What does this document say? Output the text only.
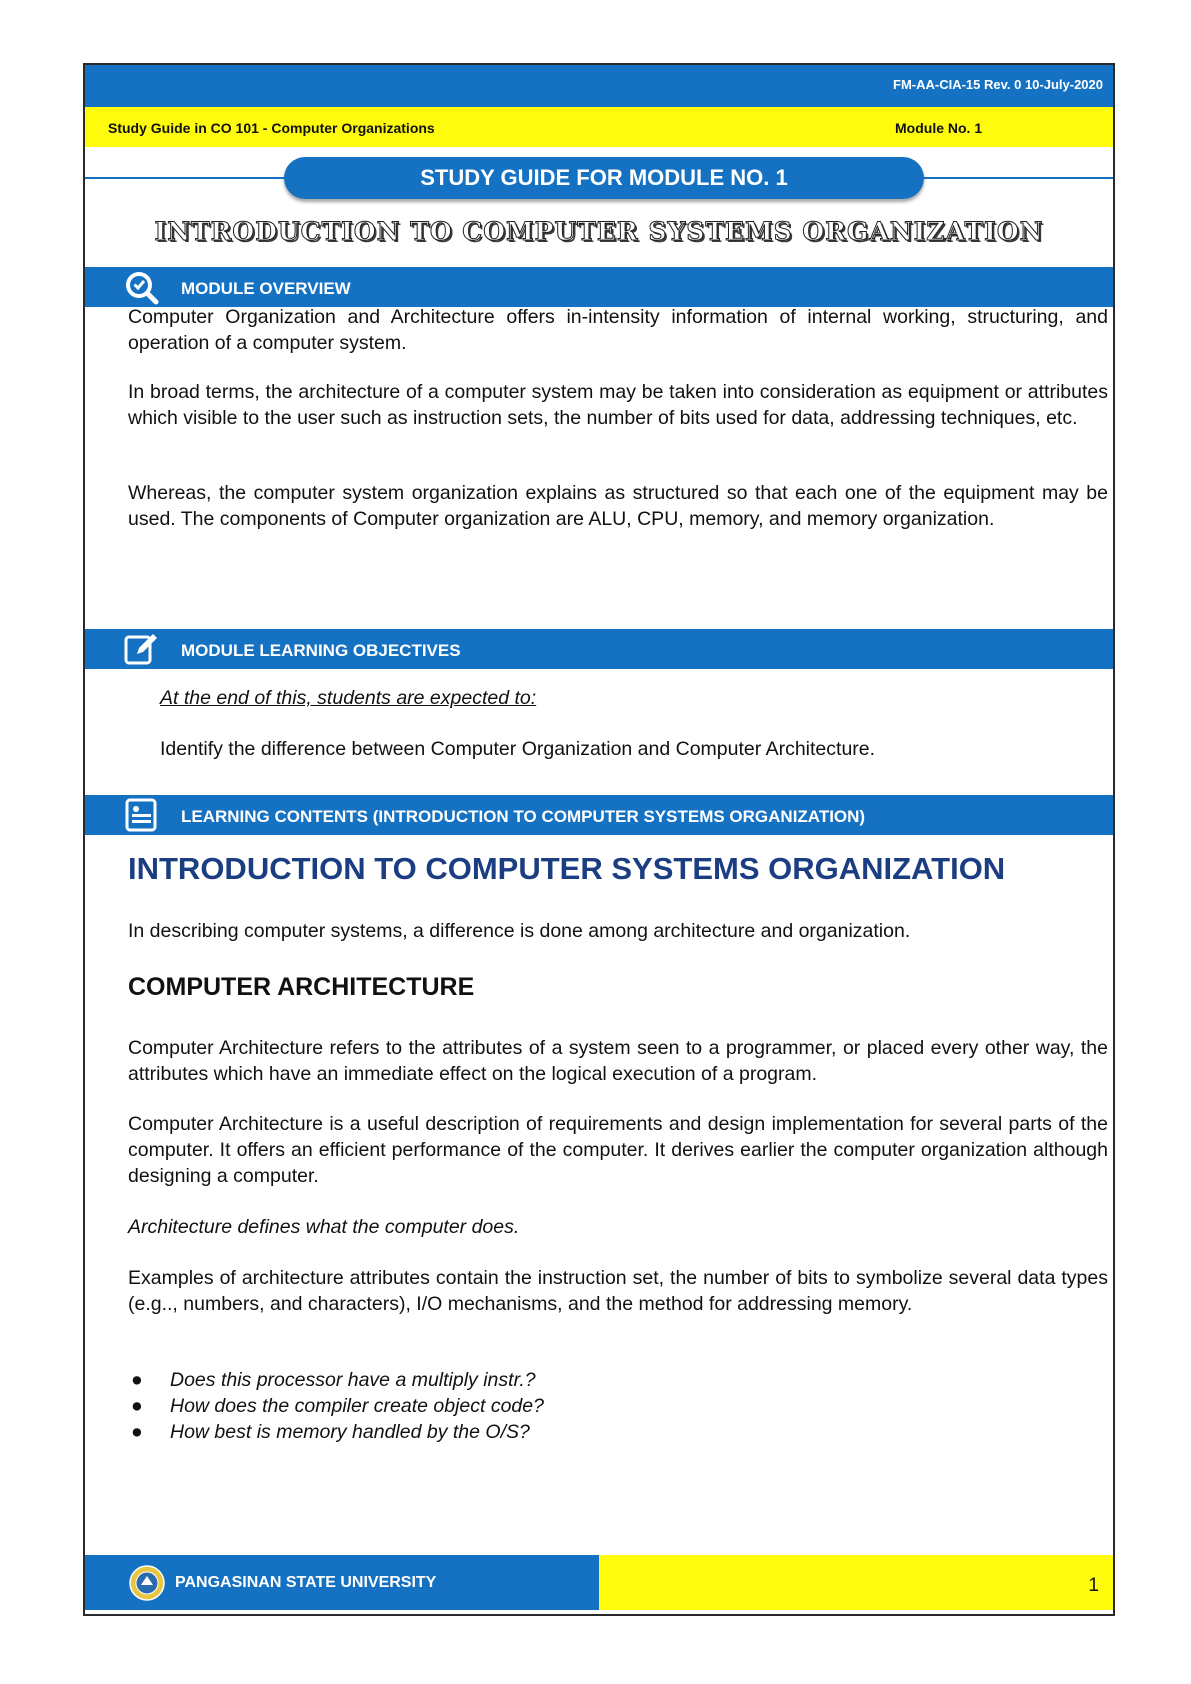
FM-AA-CIA-15 Rev. 0 10-July-2020
Study Guide in CO 101 - Computer Organizations	Module No. 1
STUDY GUIDE FOR MODULE NO. 1
INTRODUCTION TO COMPUTER SYSTEMS ORGANIZATION
MODULE OVERVIEW

Computer Organization and Architecture offers in-intensity information of internal working, structuring, and operation of a computer system.

In broad terms, the architecture of a computer system may be taken into consideration as equipment or attributes which visible to the user such as instruction sets, the number of bits used for data, addressing techniques, etc.

Whereas, the computer system organization explains as structured so that each one of the equipment may be used. The components of Computer organization are ALU, CPU, memory, and memory organization.

MODULE LEARNING OBJECTIVES
At the end of this, students are expected to:
Identify the difference between Computer Organization and Computer Architecture.
LEARNING CONTENTS (INTRODUCTION TO COMPUTER SYSTEMS ORGANIZATION)
INTRODUCTION TO COMPUTER SYSTEMS ORGANIZATION

In describing computer systems, a difference is done among architecture and organization.

COMPUTER ARCHITECTURE

Computer Architecture refers to the attributes of a system seen to a programmer, or placed every other way, the attributes which have an immediate effect on the logical execution of a program.

Computer Architecture is a useful description of requirements and design implementation for several parts of the computer. It offers an efficient performance of the computer. It derives earlier the computer organization although designing a computer.

Architecture defines what the computer does.

Examples of architecture attributes contain the instruction set, the number of bits to symbolize several data types (e.g.., numbers, and characters), I/O mechanisms, and the method for addressing memory.

● Does this processor have a multiply instr.?
● How does the compiler create object code?
● How best is memory handled by the O/S?
PANGASINAN STATE UNIVERSITY	1
